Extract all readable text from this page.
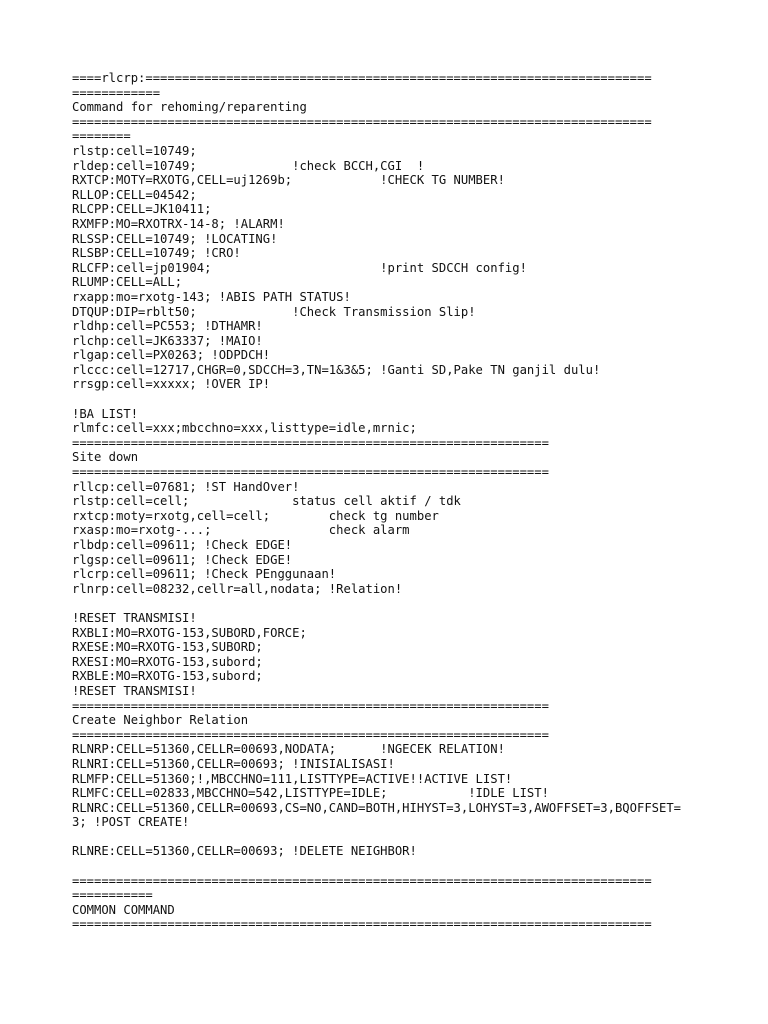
====rlcrp:=====================================================================
============
Command for rehoming/reparenting
===============================================================================
========
rlstp:cell=10749;
rldep:cell=10749;             !check BCCH,CGI  !
RXTCP:MOTY=RXOTG,CELL=uj1269b;            !CHECK TG NUMBER!
RLLOP:CELL=04542;
RLCPP:CELL=JK10411;
RXMFP:MO=RXOTRX-14-8; !ALARM!
RLSSP:CELL=10749; !LOCATING!
RLSBP:CELL=10749; !CRO!
RLCFP:cell=jp01904;                       !print SDCCH config!
RLUMP:CELL=ALL;
rxapp:mo=rxotg-143; !ABIS PATH STATUS!
DTQUP:DIP=rblt50;             !Check Transmission Slip!
rldhp:cell=PC553; !DTHAMR!
rlchp:cell=JK63337; !MAIO!
rlgap:cell=PX0263; !ODPDCH!
rlccc:cell=12717,CHGR=0,SDCCH=3,TN=1&3&5; !Ganti SD,Pake TN ganjil dulu!
rrsgp:cell=xxxxx; !OVER IP!
!BA LIST!
rlmfc:cell=xxx;mbcchno=xxx,listtype=idle,mrnic;
=================================================================
Site down
=================================================================
rllcp:cell=07681; !ST HandOver!
rlstp:cell=cell;              status cell aktif / tdk
rxtcp:moty=rxotg,cell=cell;        check tg number
rxasp:mo=rxotg-...;                check alarm
rlbdp:cell=09611; !Check EDGE!
rlgsp:cell=09611; !Check EDGE!
rlcrp:cell=09611; !Check PEnggunaan!
rlnrp:cell=08232,cellr=all,nodata; !Relation!
!RESET TRANSMISI!
RXBLI:MO=RXOTG-153,SUBORD,FORCE;
RXESE:MO=RXOTG-153,SUBORD;
RXESI:MO=RXOTG-153,subord;
RXBLE:MO=RXOTG-153,subord;
!RESET TRANSMISI!
=================================================================
Create Neighbor Relation
=================================================================
RLNRP:CELL=51360,CELLR=00693,NODATA;      !NGECEK RELATION!
RLNRI:CELL=51360,CELLR=00693; !INISIALISASI!
RLMFP:CELL=51360;!,MBCCHNO=111,LISTTYPE=ACTIVE!!ACTIVE LIST!
RLMFC:CELL=02833,MBCCHNO=542,LISTTYPE=IDLE;           !IDLE LIST!
RLNRC:CELL=51360,CELLR=00693,CS=NO,CAND=BOTH,HIHYST=3,LOHYST=3,AWOFFSET=3,BQOFFSET=
3; !POST CREATE!
RLNRE:CELL=51360,CELLR=00693; !DELETE NEIGHBOR!
===============================================================================
===========
COMMON COMMAND
===============================================================================
